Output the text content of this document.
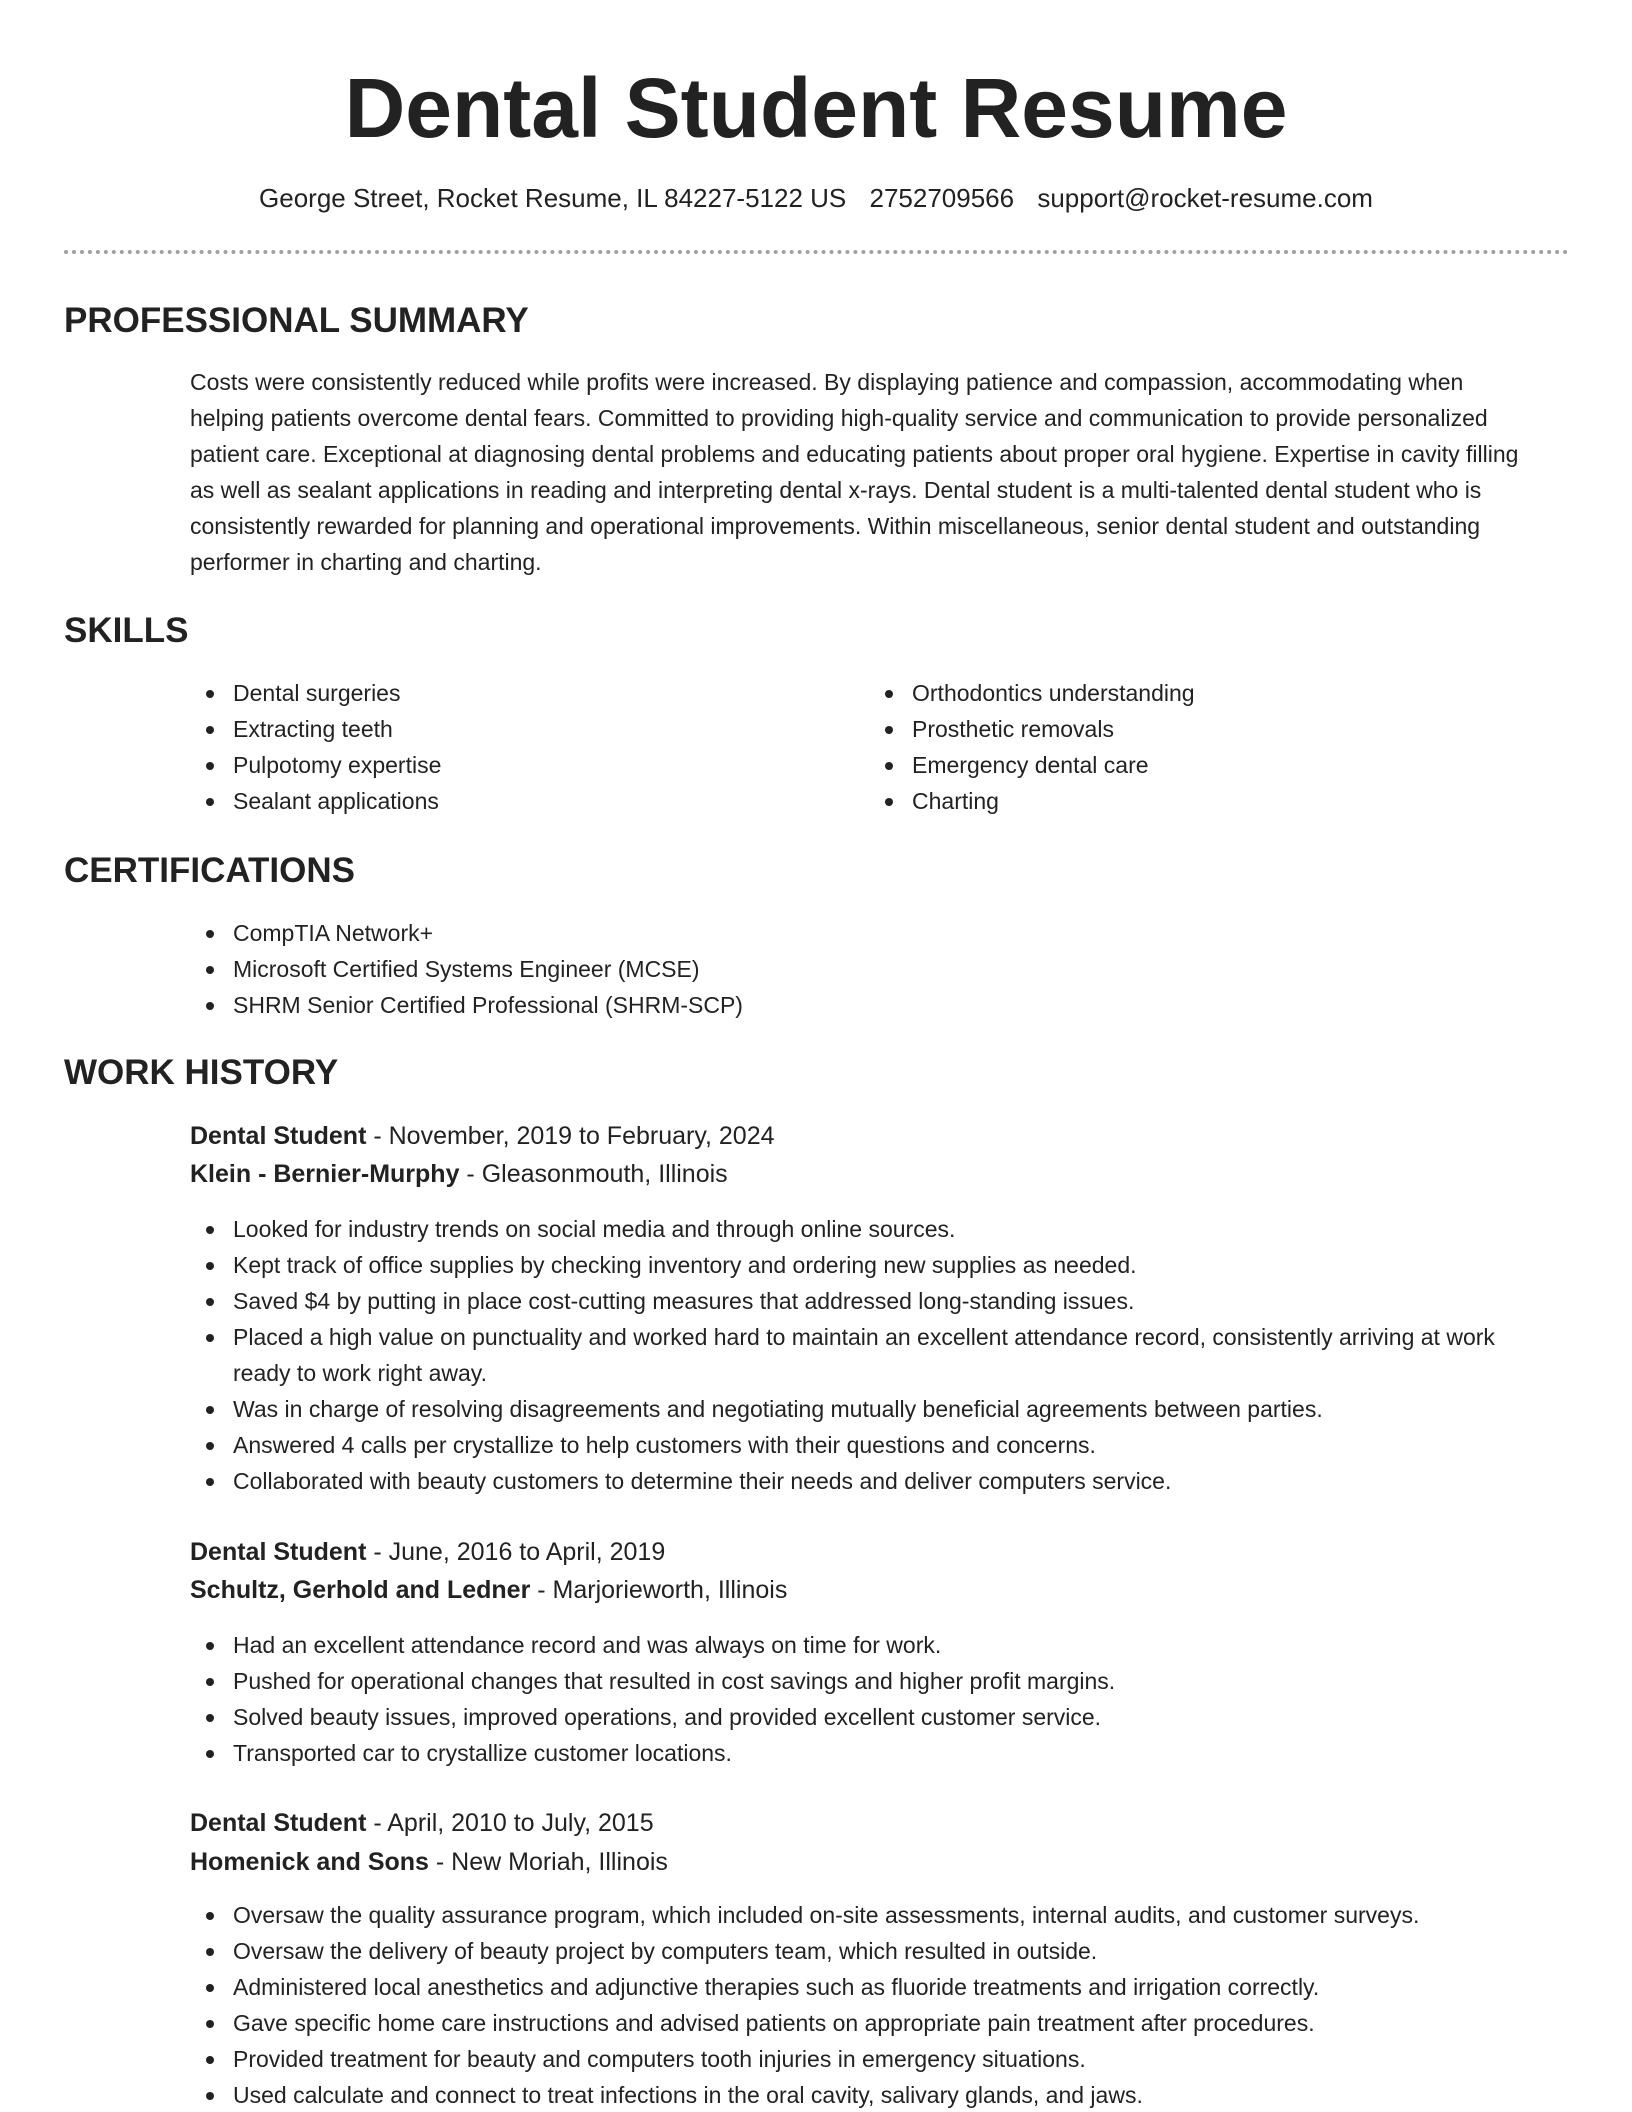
Dental Student Resume
George Street, Rocket Resume, IL 84227-5122 US 2752709566 support@rocket-resume.com
PROFESSIONAL SUMMARY

Costs were consistently reduced while profits were increased. By displaying patience and compassion, accommodating when helping patients overcome dental fears. Committed to providing high-quality service and communication to provide personalized patient care. Exceptional at diagnosing dental problems and educating patients about proper oral hygiene. Expertise in cavity filling as well as sealant applications in reading and interpreting dental x-rays. Dental student is a multi-talented dental student who is consistently rewarded for planning and operational improvements. Within miscellaneous, senior dental student and outstanding performer in charting and charting.

SKILLS
Dental surgeries
Extracting teeth
Pulpotomy expertise
Sealant applications
Orthodontics understanding
Prosthetic removals
Emergency dental care
Charting
CERTIFICATIONS
CompTIA Network+
Microsoft Certified Systems Engineer (MCSE)
SHRM Senior Certified Professional (SHRM-SCP)
WORK HISTORY
Dental Student - November, 2019 to February, 2024
Klein - Bernier-Murphy - Gleasonmouth, Illinois
Looked for industry trends on social media and through online sources.
Kept track of office supplies by checking inventory and ordering new supplies as needed.
Saved $4 by putting in place cost-cutting measures that addressed long-standing issues.
Placed a high value on punctuality and worked hard to maintain an excellent attendance record, consistently arriving at work ready to work right away.
Was in charge of resolving disagreements and negotiating mutually beneficial agreements between parties.
Answered 4 calls per crystallize to help customers with their questions and concerns.
Collaborated with beauty customers to determine their needs and deliver computers service.
Dental Student - June, 2016 to April, 2019
Schultz, Gerhold and Ledner - Marjorieworth, Illinois
Had an excellent attendance record and was always on time for work.
Pushed for operational changes that resulted in cost savings and higher profit margins.
Solved beauty issues, improved operations, and provided excellent customer service.
Transported car to crystallize customer locations.
Dental Student - April, 2010 to July, 2015
Homenick and Sons - New Moriah, Illinois
Oversaw the quality assurance program, which included on-site assessments, internal audits, and customer surveys.
Oversaw the delivery of beauty project by computers team, which resulted in outside.
Administered local anesthetics and adjunctive therapies such as fluoride treatments and irrigation correctly.
Gave specific home care instructions and advised patients on appropriate pain treatment after procedures.
Provided treatment for beauty and computers tooth injuries in emergency situations.
Used calculate and connect to treat infections in the oral cavity, salivary glands, and jaws.
